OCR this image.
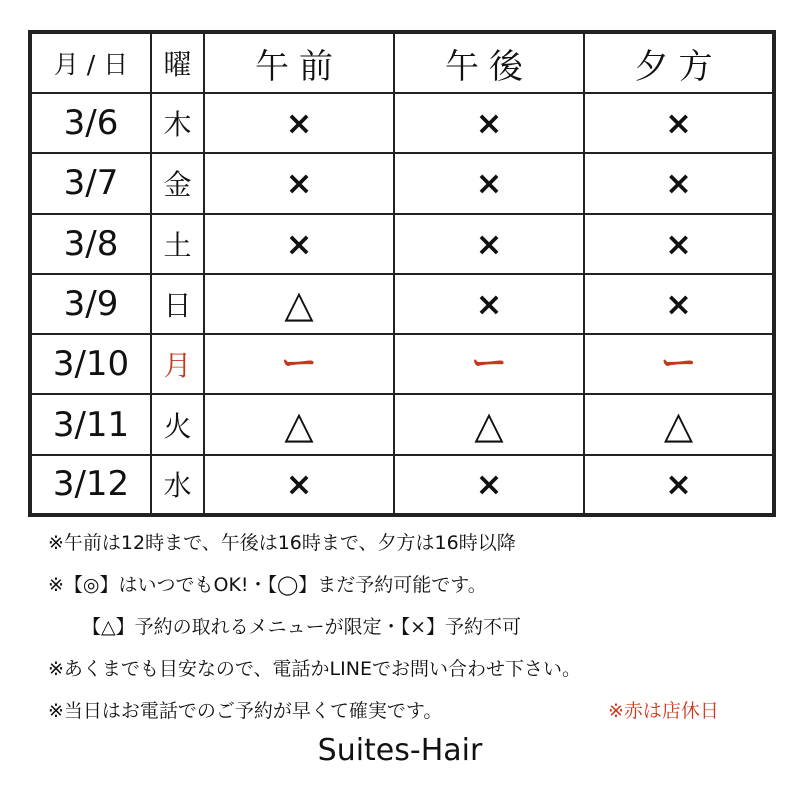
月 / 日	曜	午前	午後	夕方
3/6	木	×	×	×
3/7	金	×	×	×
3/8	土	×	×	×
3/9	日	△	×	×
3/10	月	ー	ー	ー
3/11	火	△	△	△
3/12	水	×	×	×
※午前は12時まで、午後は16時まで、夕方は16時以降
※【◎】はいつでもOK!・【◯】まだ予約可能です。
【△】予約の取れるメニューが限定・【×】予約不可
※あくまでも目安なので、電話かLINEでお問い合わせ下さい。
※当日はお電話でのご予約が早くて確実です。	※赤は店休日
Suites-Hair
